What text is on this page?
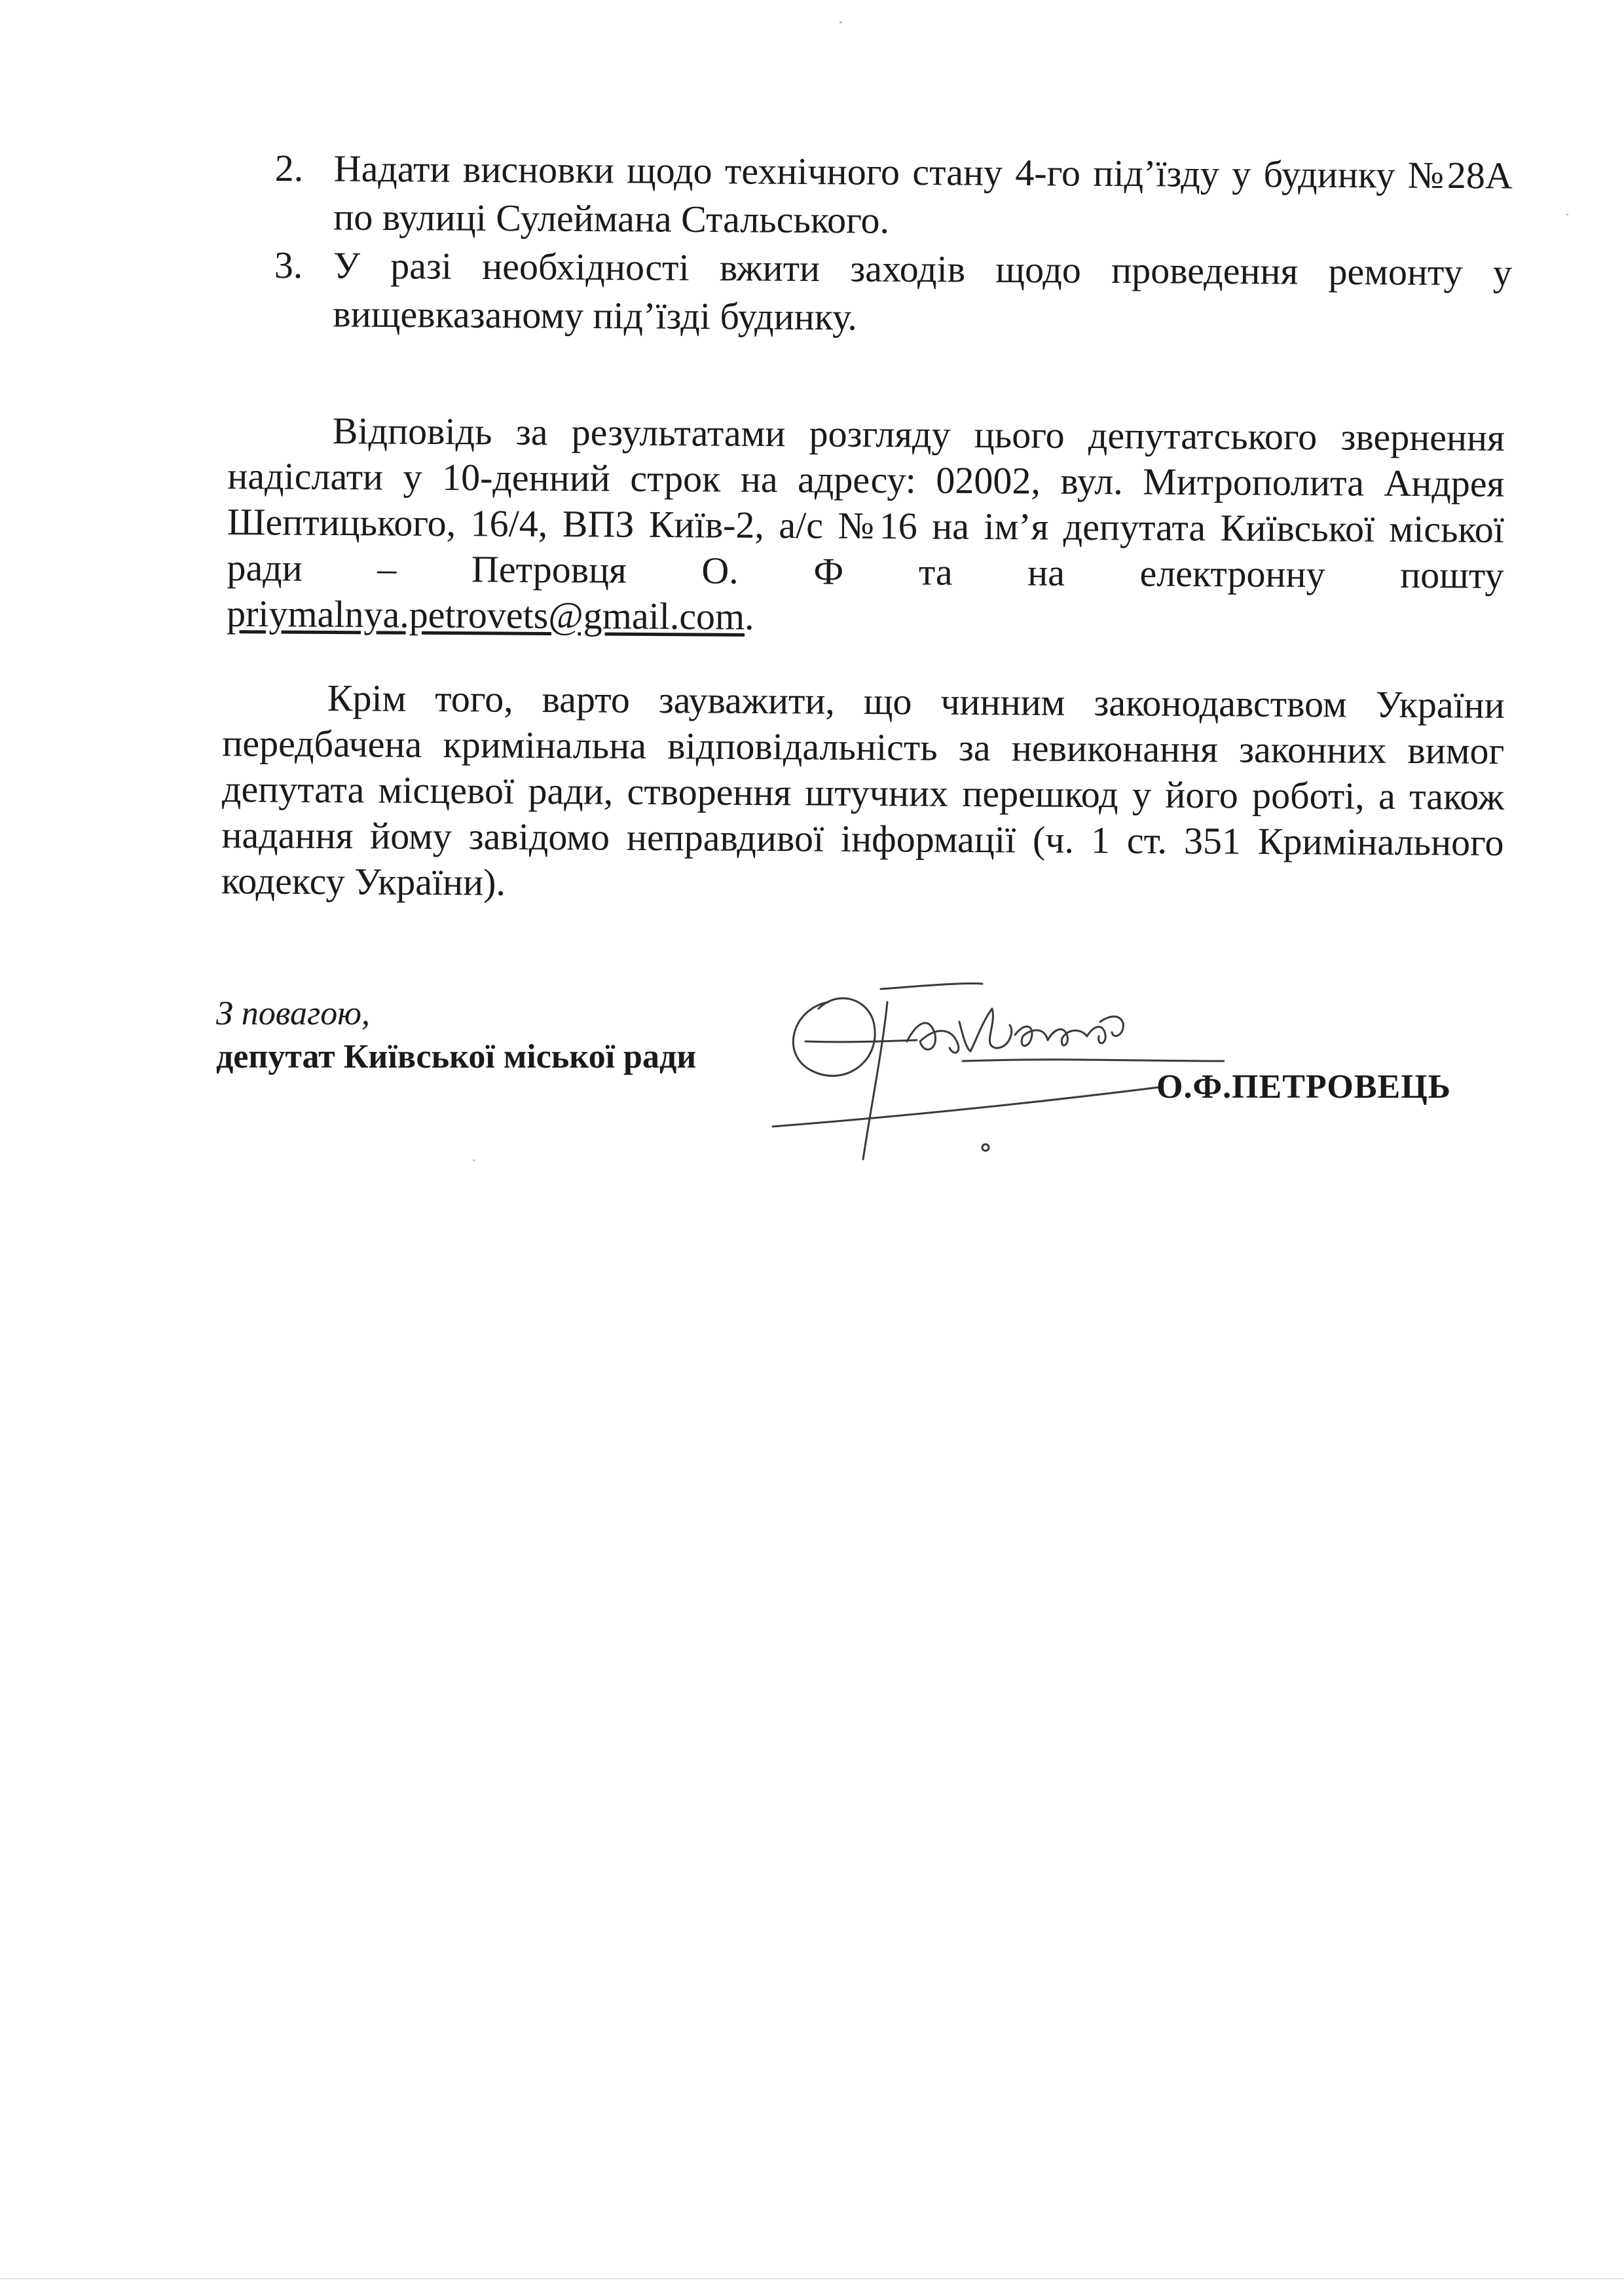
2. Надати висновки щодо технічного стану 4-го під’їзду у будинку №28А по вулиці Сулеймана Стальського.
3. У разі необхідності вжити заходів щодо проведення ремонту у вищевказаному під’їзді будинку.

Відповідь за результатами розгляду цього депутатського звернення надіслати у 10-денний строк на адресу: 02002, вул. Митрополита Андрея Шептицького, 16/4, ВПЗ Київ-2, а/с №16 на ім’я депутата Київської міської ради – Петровця О. Ф та на електронну пошту priymalnya.petrovets@gmail.com.

Крім того, варто зауважити, що чинним законодавством України передбачена кримінальна відповідальність за невиконання законних вимог депутата місцевої ради, створення штучних перешкод у його роботі, а також надання йому завідомо неправдивої інформації (ч. 1 ст. 351 Кримінального кодексу України).

З повагою,
депутат Київської міської ради
О.Ф.ПЕТРОВЕЦЬ
